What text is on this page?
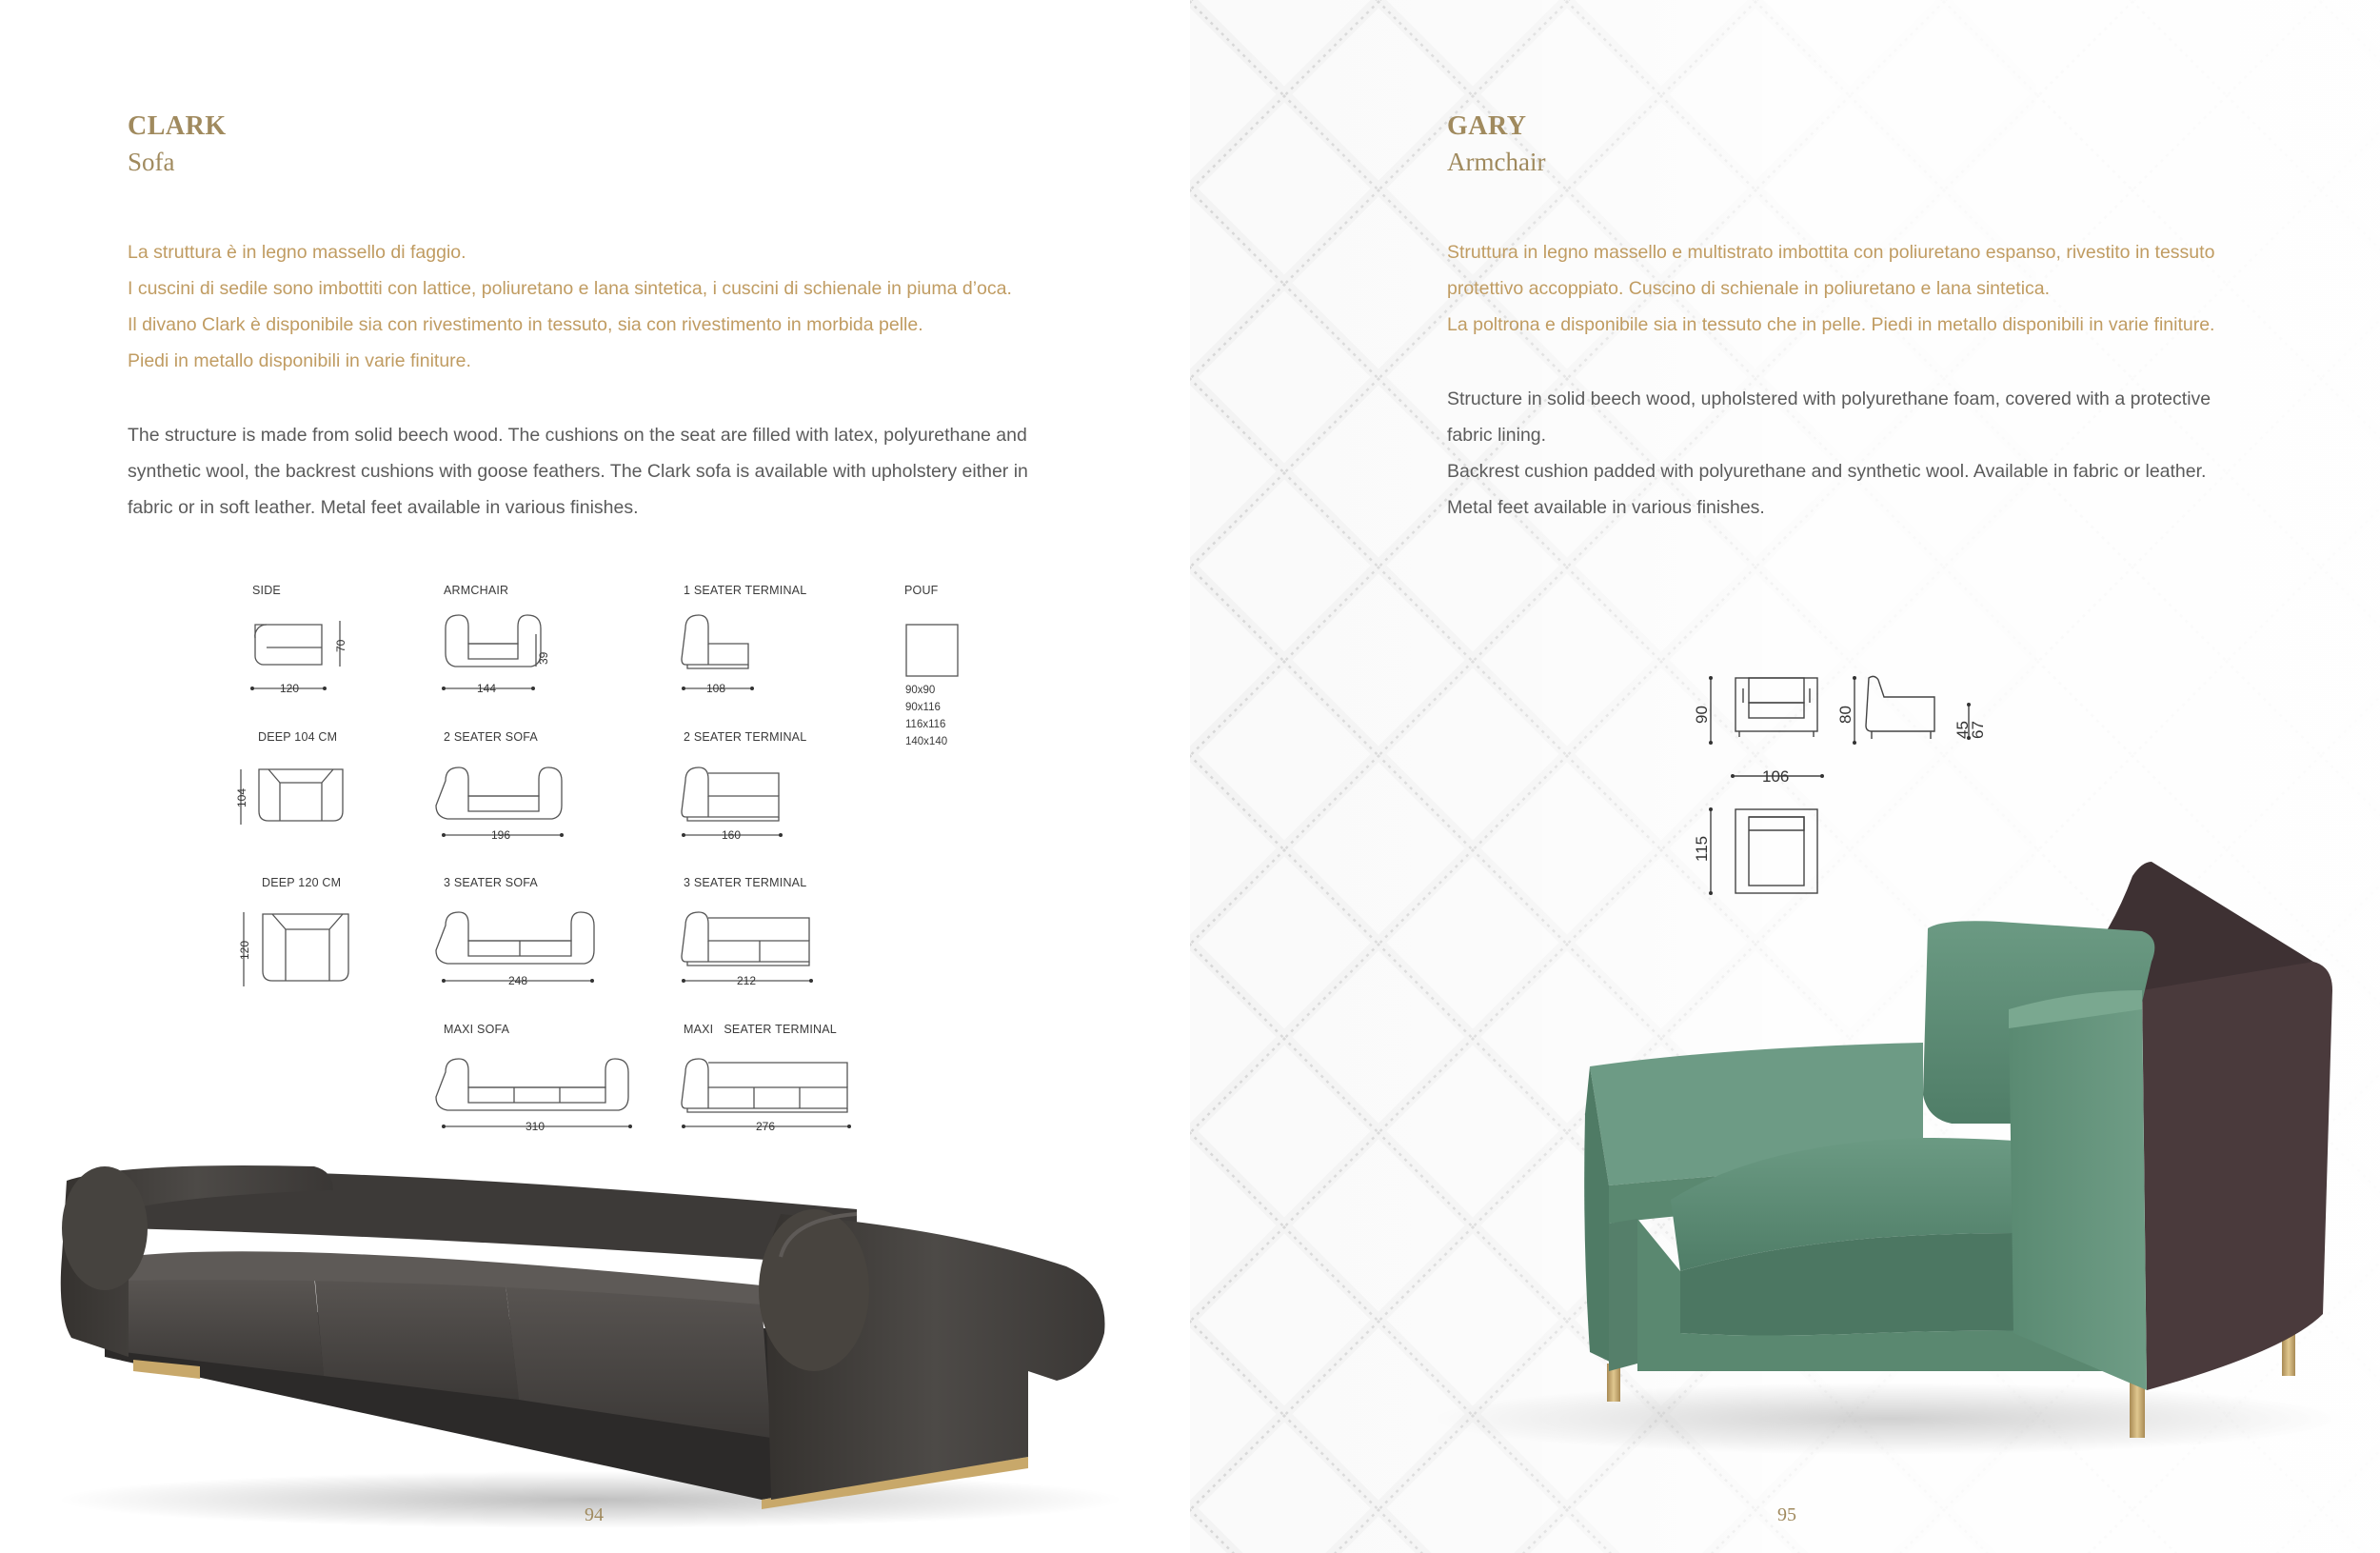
CLARK
Sofa

La struttura è in legno massello di faggio.

I cuscini di sedile sono imbottiti con lattice, poliuretano e lana sintetica, i cuscini di schienale in piuma d’oca.

Il divano Clark è disponibile sia con rivestimento in tessuto, sia con rivestimento in morbida pelle.

Piedi in metallo disponibili in varie finiture.

The structure is made from solid beech wood. The cushions on the seat are filled with latex, polyurethane and

synthetic wool, the backrest cushions with goose feathers. The Clark sofa is available with upholstery either in

fabric or in soft leather. Metal feet available in various finishes.

SIDE	ARMCHAIR	1 SEATER TERMINAL	POUF
DEEP 104 CM	2 SEATER SOFA	2 SEATER TERMINAL
DEEP 120 CM	3 SEATER SOFA	3 SEATER TERMINAL
MAXI SOFA	MAXI   SEATER TERMINAL
90x90
90x116
116x116
140x140
120
70
144
39
108
104
196	160
120
248	212
310	276
94
GARY
Armchair

Struttura in legno massello e multistrato imbottita con poliuretano espanso, rivestito in tessuto

protettivo accoppiato. Cuscino di schienale in poliuretano e lana sintetica.

La poltrona e disponibile sia in tessuto che in pelle. Piedi in metallo disponibili in varie finiture.

Structure in solid beech wood, upholstered with polyurethane foam, covered with a protective

fabric lining.

Backrest cushion padded with polyurethane and synthetic wool. Available in fabric or leather.

Metal feet available in various finishes.

90	80
45
67
106
115
95
